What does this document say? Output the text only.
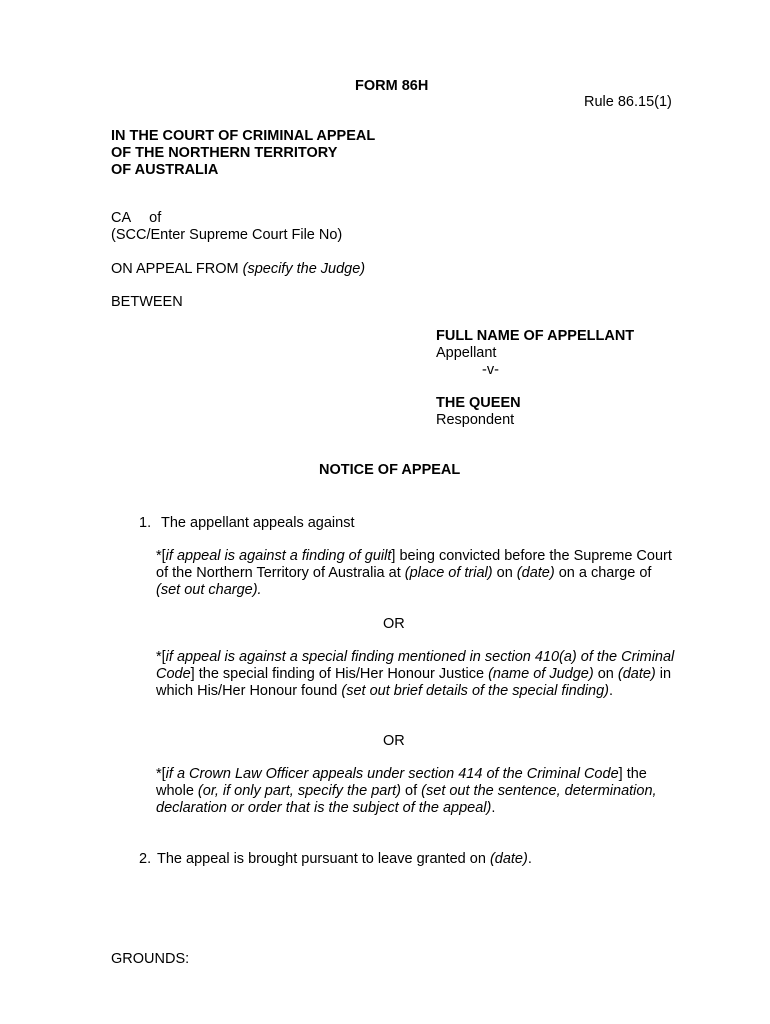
FORM 86H
Rule 86.15(1)
IN THE COURT OF CRIMINAL APPEAL
OF THE NORTHERN TERRITORY
OF AUSTRALIA
CA of
(SCC/Enter Supreme Court File No)
ON APPEAL FROM (specify the Judge)
BETWEEN
FULL NAME OF APPELLANT
Appellant
-v-
THE QUEEN
Respondent
NOTICE OF APPEAL
1. The appellant appeals against
*[if appeal is against a finding of guilt] being convicted before the Supreme Court of the Northern Territory of Australia at (place of trial) on (date) on a charge of (set out charge).
OR
*[if appeal is against a special finding mentioned in section 410(a) of the Criminal Code] the special finding of His/Her Honour Justice (name of Judge) on (date) in which His/Her Honour found (set out brief details of the special finding).
OR
*[if a Crown Law Officer appeals under section 414 of the Criminal Code] the whole (or, if only part, specify the part) of (set out the sentence, determination, declaration or order that is the subject of the appeal).
2. The appeal is brought pursuant to leave granted on (date).
GROUNDS:
